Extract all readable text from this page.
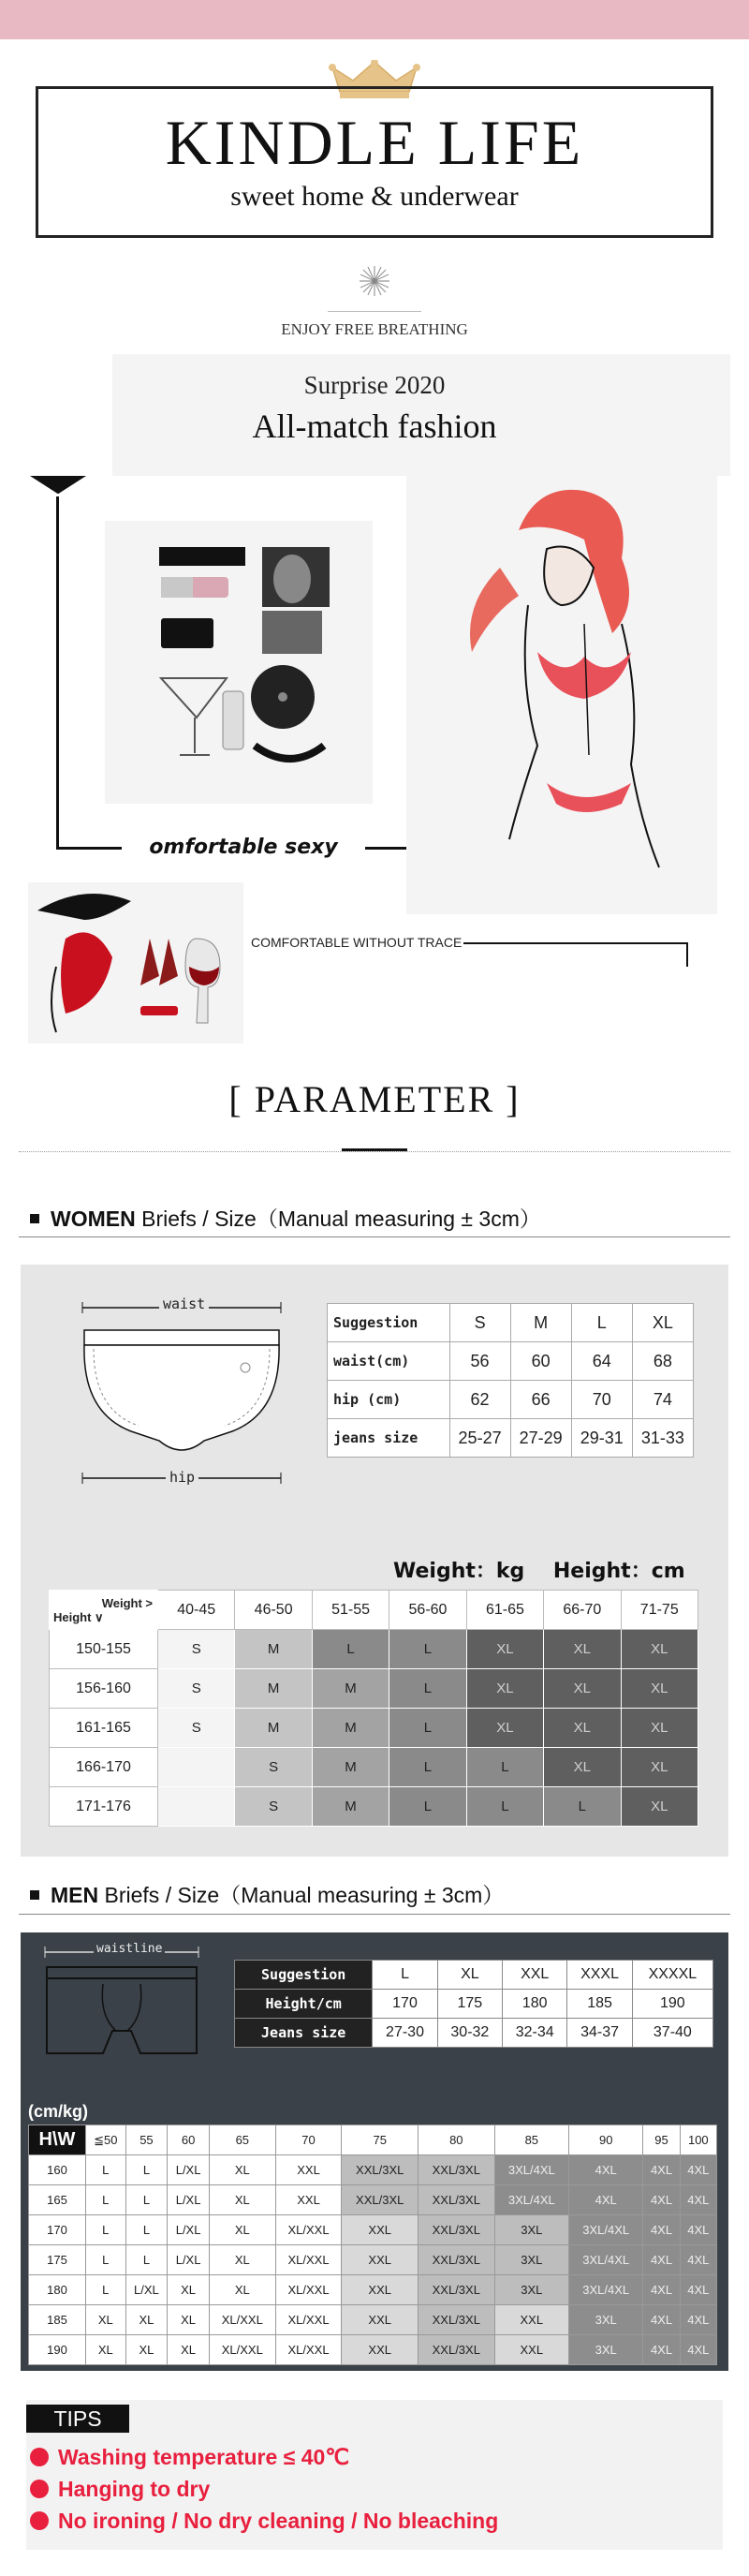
KINDLE LIFE
sweet home & underwear
ENJOY FREE BREATHING
Surprise 2020
All-match fashion
omfortable sexy
COMFORTABLE WITHOUT TRACE
[ PARAMETER ]
WOMEN Briefs / Size（Manual measuring ± 3cm）
waist
hip
Suggestion	S	M	L	XL
waist(cm)	56	60	64	68
hip (cm)	62	66	70	74
jeans size	25-27	27-29	29-31	31-33
Weight：kg    Height：cm
Weight >
Height ∨	40-45	46-50	51-55	56-60	61-65	66-70	71-75
150-155	S	M	L	L	XL	XL	XL
156-160	S	M	M	L	XL	XL	XL
161-165	S	M	M	L	XL	XL	XL
166-170		S	M	L	L	XL	XL
171-176		S	M	L	L	L	XL
MEN Briefs / Size（Manual measuring ± 3cm）
waistline
Suggestion	L	XL	XXL	XXXL	XXXXL
Height/cm	170	175	180	185	190
Jeans size	27-30	30-32	32-34	34-37	37-40
(cm/kg)
H\W	≦50	55	60	65	70	75	80	85	90	95	100
160	L	L	L/XL	XL	XXL	XXL/3XL	XXL/3XL	3XL/4XL	4XL	4XL	4XL
165	L	L	L/XL	XL	XXL	XXL/3XL	XXL/3XL	3XL/4XL	4XL	4XL	4XL
170	L	L	L/XL	XL	XL/XXL	XXL	XXL/3XL	3XL	3XL/4XL	4XL	4XL
175	L	L	L/XL	XL	XL/XXL	XXL	XXL/3XL	3XL	3XL/4XL	4XL	4XL
180	L	L/XL	XL	XL	XL/XXL	XXL	XXL/3XL	3XL	3XL/4XL	4XL	4XL
185	XL	XL	XL	XL/XXL	XL/XXL	XXL	XXL/3XL	XXL	3XL	4XL	4XL
190	XL	XL	XL	XL/XXL	XL/XXL	XXL	XXL/3XL	XXL	3XL	4XL	4XL
TIPS
Washing temperature ≤ 40℃
Hanging to dry
No ironing / No dry cleaning / No bleaching
